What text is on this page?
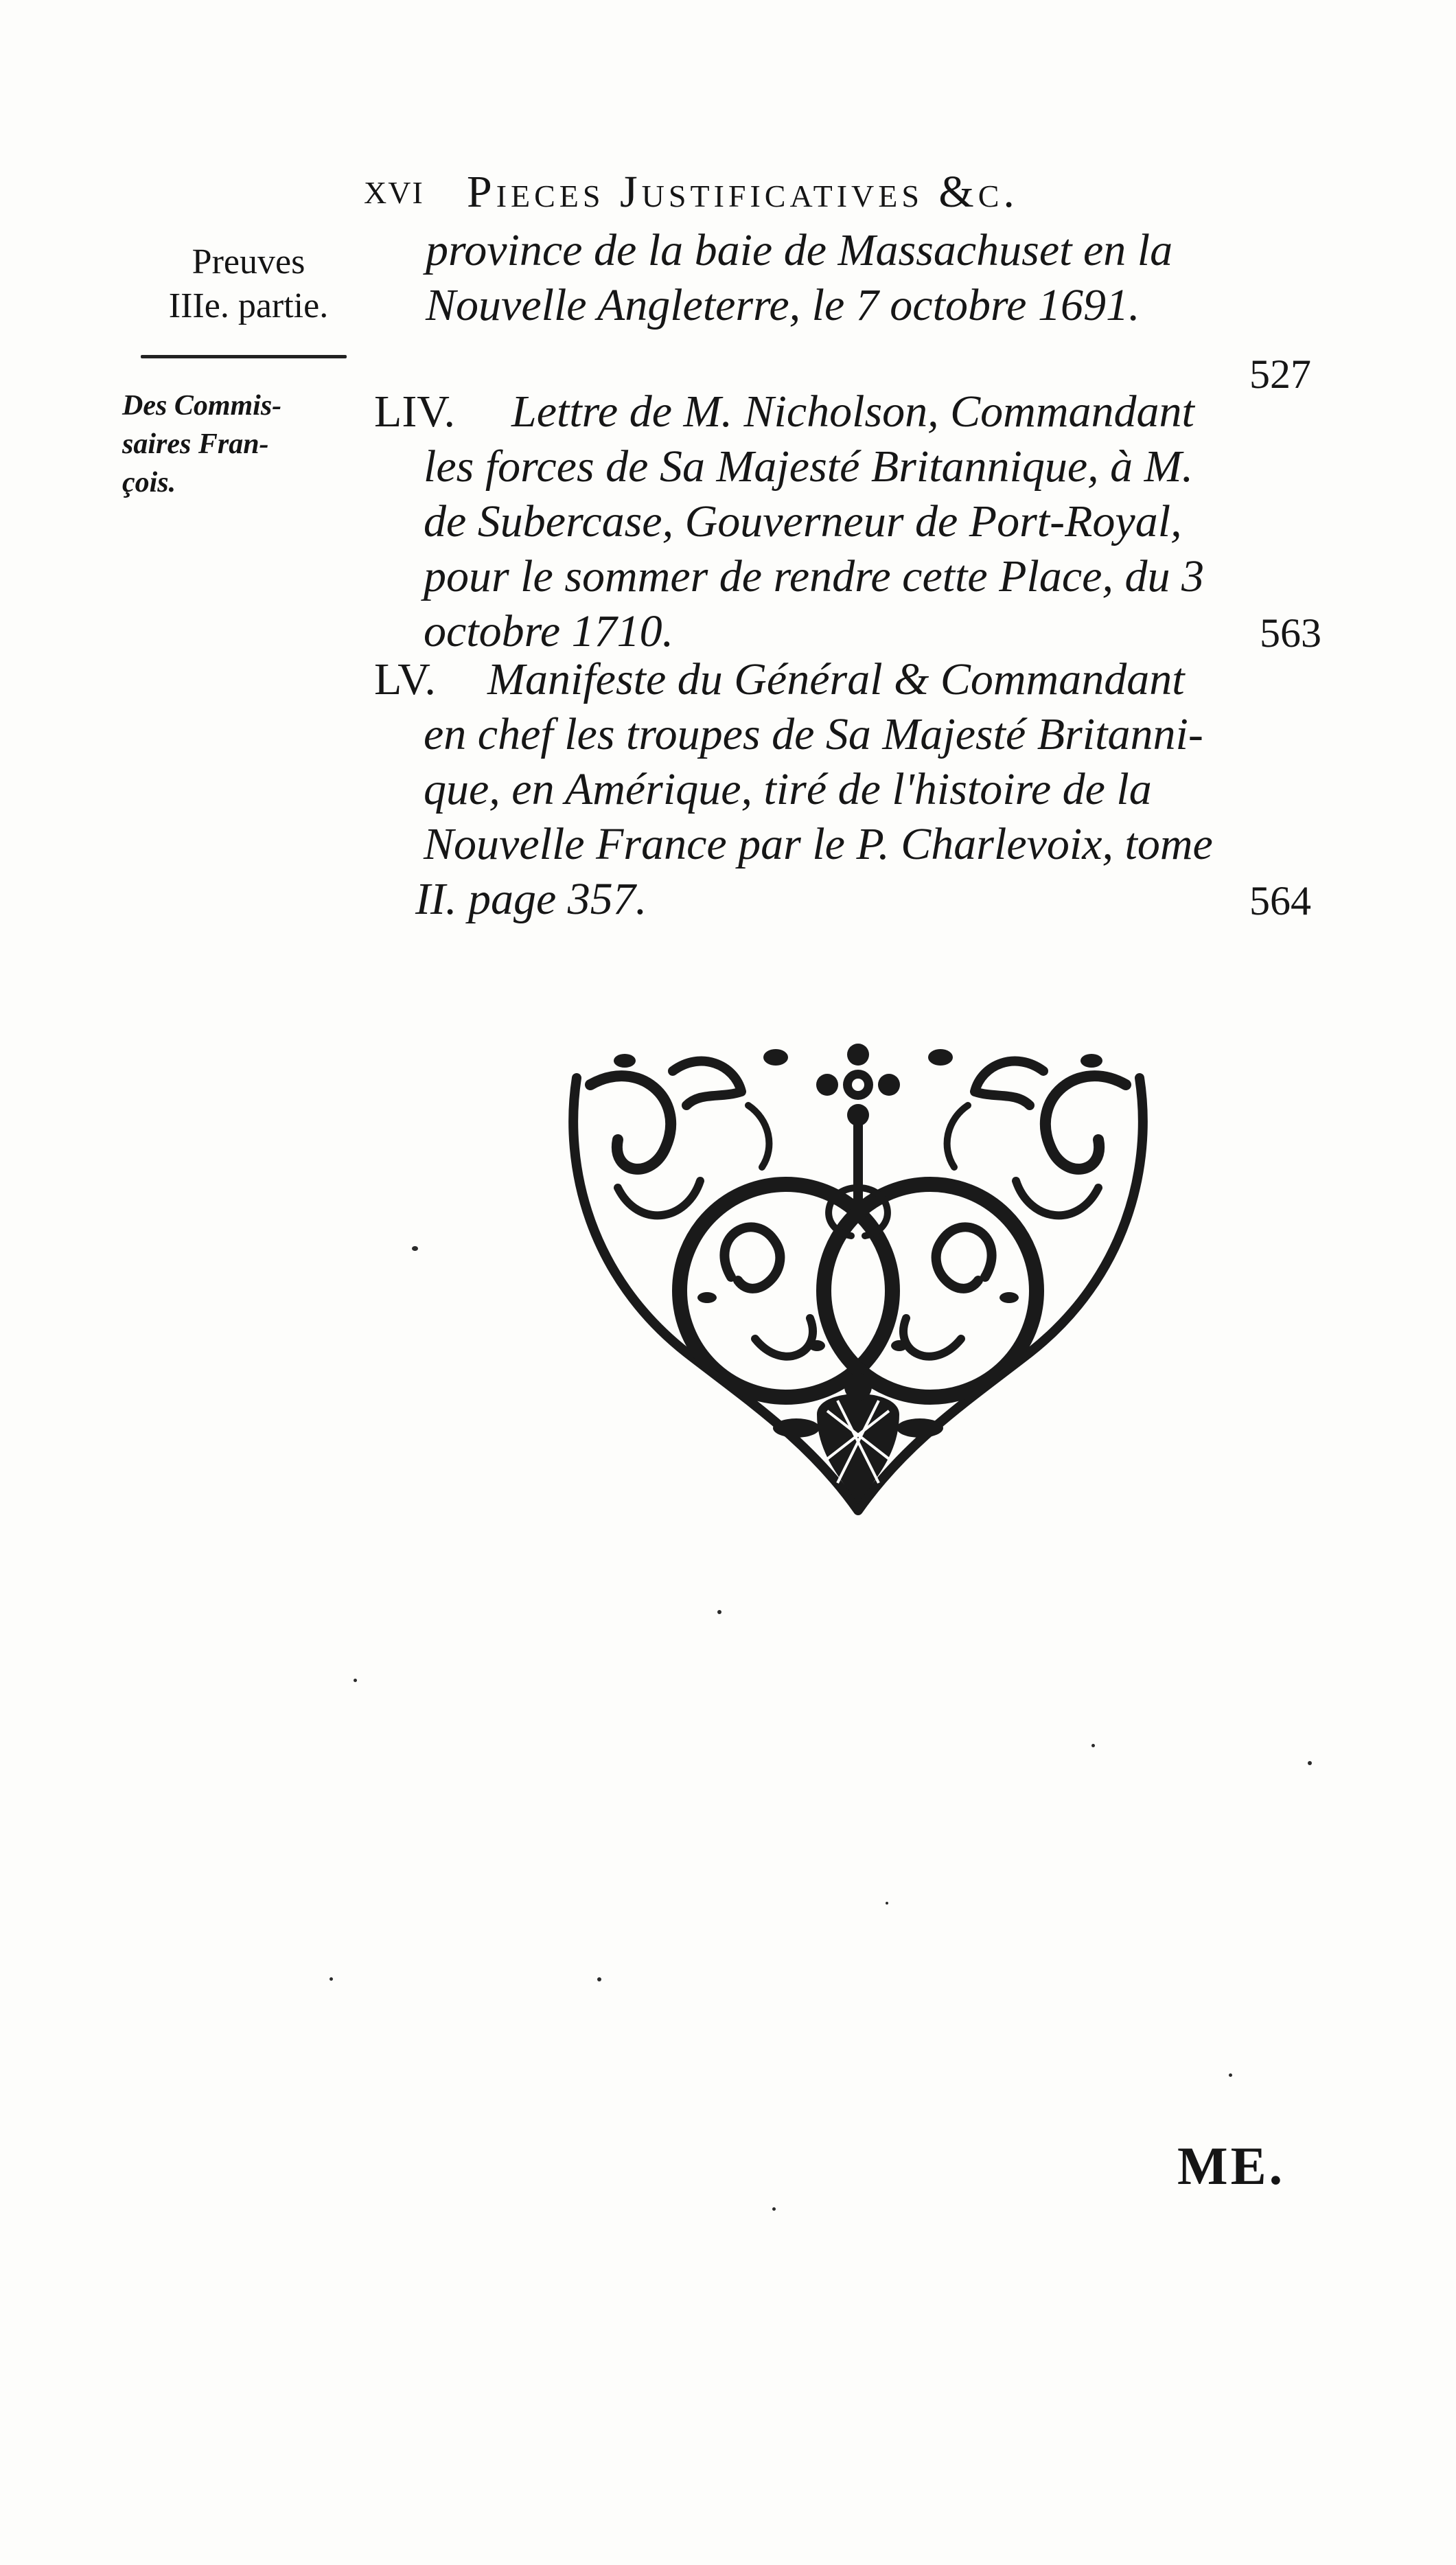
XVI Pieces Justificatives &c.
Preuves
IIIe. partie.
Des Commis-
saires Fran-
çois.
province de la baie de Massachuset en la
Nouvelle Angleterre, le 7 octobre 1691.
527
LIV. Lettre de M. Nicholson, Commandant
les forces de Sa Majesté Britannique, à M.
de Subercase, Gouverneur de Port-Royal,
pour le sommer de rendre cette Place, du 3
octobre 1710.	563
LV. Manifeste du Général & Commandant
en chef les troupes de Sa Majesté Britanni-
que, en Amérique, tiré de l'histoire de la
Nouvelle France par le P. Charlevoix, tome
II. page 357.	564
ME.
